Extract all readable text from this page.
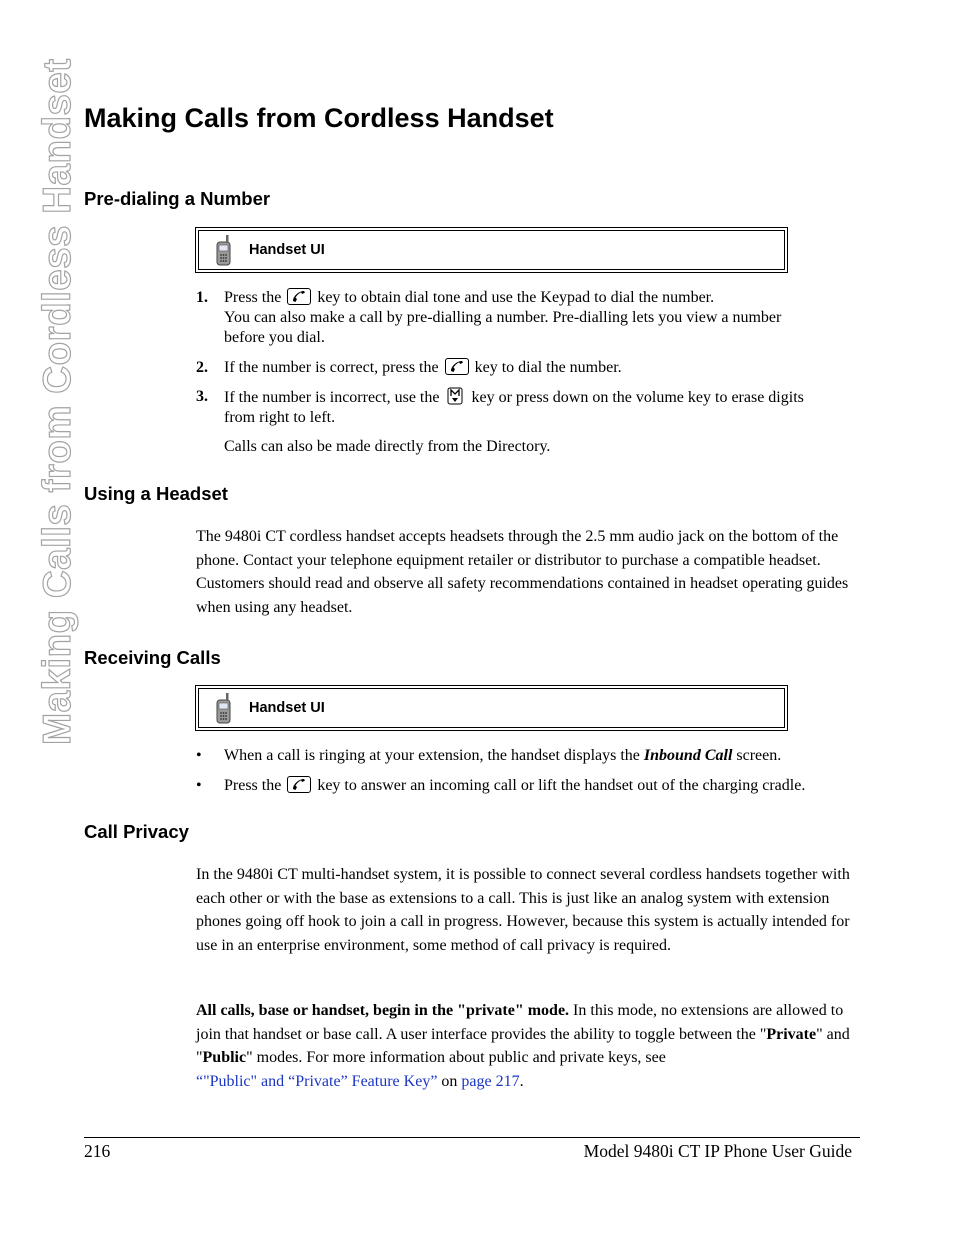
Making Calls from Cordless Handset Making Calls from Cordless Handset
Pre-dialing a Number
Handset UI
1. Press the key to obtain dial tone and use the Keypad to dial the number.
You can also make a call by pre-dialling a number. Pre-dialling lets you view a number
before you dial.
2. If the number is correct, press the key to dial the number.
3. If the number is incorrect, use the key or press down on the volume key to erase digits
from right to left.
Calls can also be made directly from the Directory.
Using a Headset

The 9480i CT cordless handset accepts headsets through the 2.5 mm audio jack on the bottom of the phone. Contact your telephone equipment retailer or distributor to purchase a compatible headset. Customers should read and observe all safety recommendations contained in headset operating guides when using any headset.

Receiving Calls
Handset UI
• When a call is ringing at your extension, the handset displays the Inbound Call screen.
• Press the key to answer an incoming call or lift the handset out of the charging cradle.
Call Privacy

In the 9480i CT multi-handset system, it is possible to connect several cordless handsets together with each other or with the base as extensions to a call. This is just like an analog system with extension phones going off hook to join a call in progress. However, because this system is actually intended for use in an enterprise environment, some method of call privacy is required.

All calls, base or handset, begin in the "private" mode. In this mode, no extensions are allowed to join that handset or base call. A user interface provides the ability to toggle between the "Private" and "Public" modes. For more information about public and private keys, see
“"Public" and “Private” Feature Key” on page 217.

216	Model 9480i CT IP Phone User Guide
